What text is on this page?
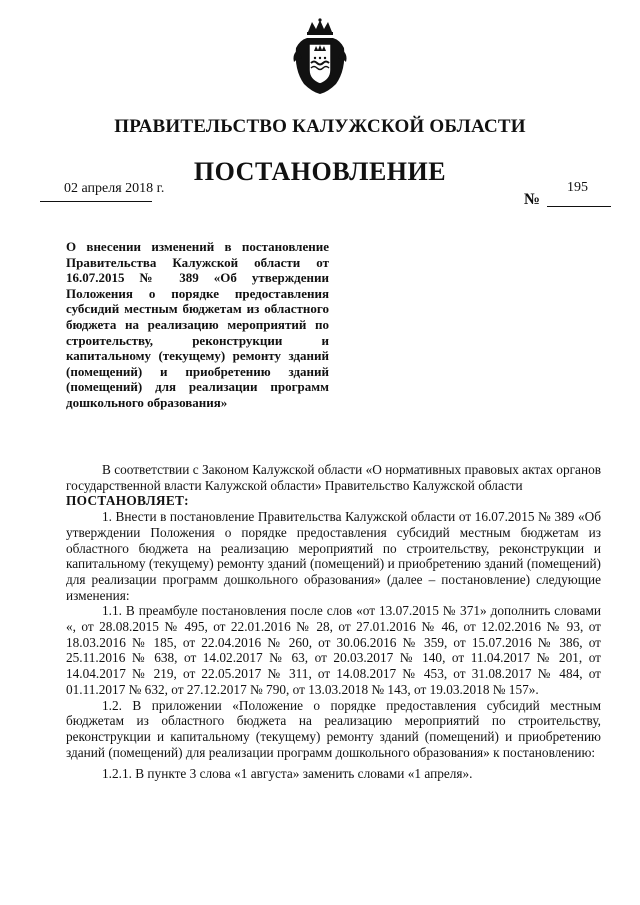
ПРАВИТЕЛЬСТВО КАЛУЖСКОЙ ОБЛАСТИ
ПОСТАНОВЛЕНИЕ
02 апреля 2018 г.	195
№
О внесении изменений в постановление Правительства Калужской области от 16.07.2015 № 389 «Об утверждении Положения о порядке предоставления субсидий местным бюджетам из областного бюджета на реализацию мероприятий по строительству, реконструкции и капитальному (текущему) ремонту зданий (помещений) и приобретению зданий (помещений) для реализации программ дошкольного образования»

В соответствии с Законом Калужской области «О нормативных правовых актах органов государственной власти Калужской области» Правительство Калужской области

ПОСТАНОВЛЯЕТ:

1. Внести в постановление Правительства Калужской области от 16.07.2015 № 389 «Об утверждении Положения о порядке предоставления субсидий местным бюджетам из областного бюджета на реализацию мероприятий по строительству, реконструкции и капитальному (текущему) ремонту зданий (помещений) и приобретению зданий (помещений) для реализации программ дошкольного образования» (далее – постановление) следующие изменения:

1.1. В преамбуле постановления после слов «от 13.07.2015 № 371» дополнить словами «, от 28.08.2015 № 495, от 22.01.2016 № 28, от 27.01.2016 № 46, от 12.02.2016 № 93, от 18.03.2016 № 185, от 22.04.2016 № 260, от 30.06.2016 № 359, от 15.07.2016 № 386, от 25.11.2016 № 638, от 14.02.2017 № 63, от 20.03.2017 № 140, от 11.04.2017 № 201, от 14.04.2017 № 219, от 22.05.2017 № 311, от 14.08.2017 № 453, от 31.08.2017 № 484, от 01.11.2017 № 632, от 27.12.2017 № 790, от 13.03.2018 № 143, от 19.03.2018 № 157».

1.2. В приложении «Положение о порядке предоставления субсидий местным бюджетам из областного бюджета на реализацию мероприятий по строительству, реконструкции и капитальному (текущему) ремонту зданий (помещений) и приобретению зданий (помещений) для реализации программ дошкольного образования» к постановлению:

1.2.1. В пункте 3 слова «1 августа» заменить словами «1 апреля».
